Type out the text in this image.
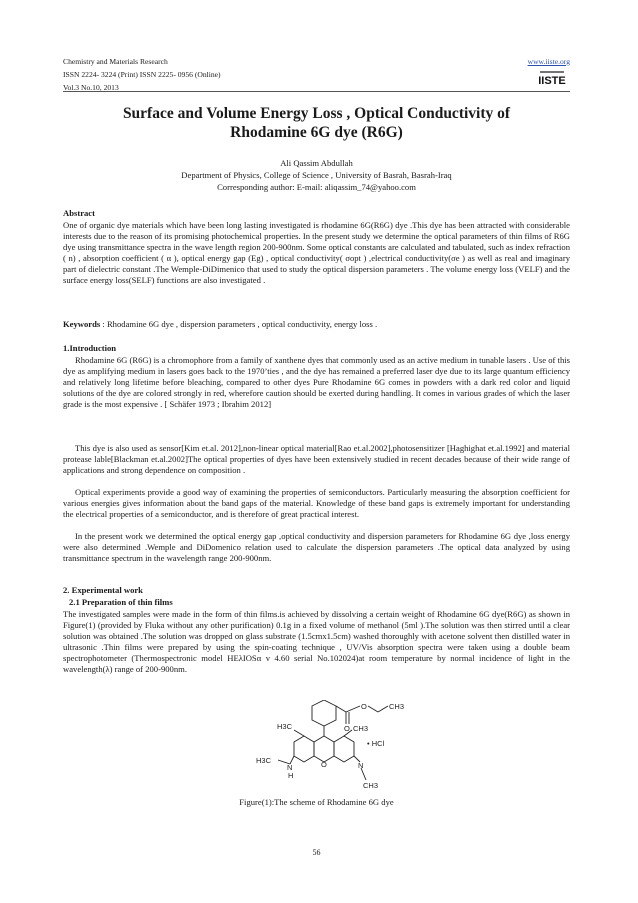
Chemistry and Materials Research
ISSN 2224- 3224 (Print) ISSN 2225- 0956 (Online)
Vol.3 No.10, 2013
www.iiste.org
IISTE
Surface and Volume Energy Loss , Optical Conductivity of
Rhodamine 6G dye (R6G)
Ali Qassim Abdullah
Department of Physics, College of Science , University of Basrah, Basrah-Iraq
Corresponding author: E-mail: aliqassim_74@yahoo.com
Abstract
One of organic dye materials which have been long lasting investigated is rhodamine 6G(R6G) dye .This dye has been attracted with considerable interests due to the reason of its promising photochemical properties. In the present study we determine the optical parameters of thin films of R6G dye using transmittance spectra in the wave length region 200-900nm. Some optical constants are calculated and tabulated, such as index refraction ( n) , absorption coefficient ( α ), optical energy gap (Eg) , optical conductivity( σopt ) ,electrical conductivity(σe ) as well as real and imaginary part of dielectric constant .The Wemple-DiDimenico that used to study the optical dispersion parameters . The volume energy loss (VELF) and the surface energy loss(SELF) functions are also investigated .
Keywords : Rhodamine 6G dye , dispersion parameters , optical conductivity, energy loss .
1.Introduction
Rhodamine 6G (R6G) is a chromophore from a family of xanthene dyes that commonly used as an active medium in tunable lasers . Use of this dye as amplifying medium in lasers goes back to the 1970’ties , and the dye has remained a preferred laser dye due to its large quantum efficiency and relatively long lifetime before bleaching, compared to other dyes Pure Rhodamine 6G comes in powders with a dark red color and liquid solutions of the dye are colored strongly in red, wherefore caution should be exerted during handling. It comes in various grades of which the laser grade is the most expensive . [ Schäfer 1973 ; Ibrahim 2012]
This dye is also used as sensor[Kim et.al. 2012],non-linear optical material[Rao et.al.2002],photosensitizer [Haghighat et.al.1992] and material protease lable[Blackman et.al.2002]The optical properties of dyes have been extensively studied in recent decades because of their wide range of applications and strong dependence on composition .
Optical experiments provide a good way of examining the properties of semiconductors. Particularly measuring the absorption coefficient for various energies gives information about the band gaps of the material. Knowledge of these band gaps is extremely important for understanding the electrical properties of a semiconductor, and is therefore of great practical interest.
In the present work we determined the optical energy gap ,optical conductivity and dispersion parameters for Rhodamine 6G dye ,loss energy were also determined .Wemple and DiDomenico relation used to calculate the dispersion parameters .The optical data analyzed by using transmittance spectrum in the wavelength range 200-900nm.
2. Experimental work
2.1 Preparation of thin films
The investigated samples were made in the form of thin films.is achieved by dissolving a certain weight of Rhodamine 6G dye(R6G) as shown in Figure(1) (provided by Fluka without any other purification) 0.1g in a fixed volume of methanol (5ml ).The solution was then stirred until a clear solution was obtained .The solution was dropped on glass substrate (1.5cmx1.5cm) washed thoroughly with acetone solvent then distilled water in ultrasonic .Thin films were prepared by using the spin-coating technique , UV/Vis absorption spectra were taken using a double beam spectrophotometer (Thermospectronic model HEλIOSα v 4.60 serial No.102024)at room temperature by normal incidence of light in the wavelength(λ) range of 200-900nm.
CH3
O
O
H3C	CH3
• HCl
H3C
N
H
O	N
CH3
Figure(1):The scheme of Rhodamine 6G dye
56
